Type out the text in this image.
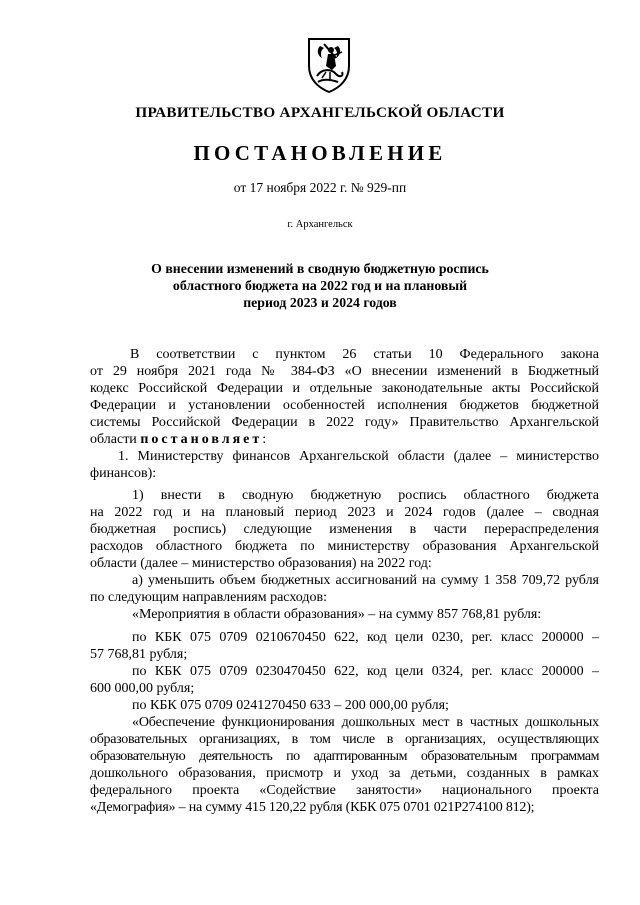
ПРАВИТЕЛЬСТВО АРХАНГЕЛЬСКОЙ ОБЛАСТИ
ПОСТАНОВЛЕНИЕ
от 17 ноября 2022 г. № 929-пп
г. Архангельск
О внесении изменений в сводную бюджетную роспись
областного бюджета на 2022 год и на плановый
период 2023 и 2024 годов
В соответствии с пунктом 26 статьи 10 Федерального закона
от 29 ноября 2021 года № 384-ФЗ «О внесении изменений в Бюджетный
кодекс Российской Федерации и отдельные законодательные акты Российской
Федерации и установлении особенностей исполнения бюджетов бюджетной
системы Российской Федерации в 2022 году» Правительство Архангельской
области постановляет:
1. Министерству финансов Архангельской области (далее – министерство
финансов):
1) внести в сводную бюджетную роспись областного бюджета
на 2022 год и на плановый период 2023 и 2024 годов (далее – сводная
бюджетная роспись) следующие изменения в части перераспределения
расходов областного бюджета по министерству образования Архангельской
области (далее – министерство образования) на 2022 год:
а) уменьшить объем бюджетных ассигнований на сумму 1 358 709,72 рубля
по следующим направлениям расходов:
«Мероприятия в области образования» – на сумму 857 768,81 рубля:
по КБК 075 0709 0210670450 622, код цели 0230, рег. класс 200000 –
57 768,81 рубля;
по КБК 075 0709 0230470450 622, код цели 0324, рег. класс 200000 –
600 000,00 рубля;
по КБК 075 0709 0241270450 633 – 200 000,00 рубля;
«Обеспечение функционирования дошкольных мест в частных дошкольных
образовательных организациях, в том числе в организациях, осуществляющих
образовательную деятельность по адаптированным образовательным программам
дошкольного образования, присмотр и уход за детьми, созданных в рамках
федерального проекта «Содействие занятости» национального проекта
«Демография» – на сумму 415 120,22 рубля (КБК 075 0701 021Р274100 812);
